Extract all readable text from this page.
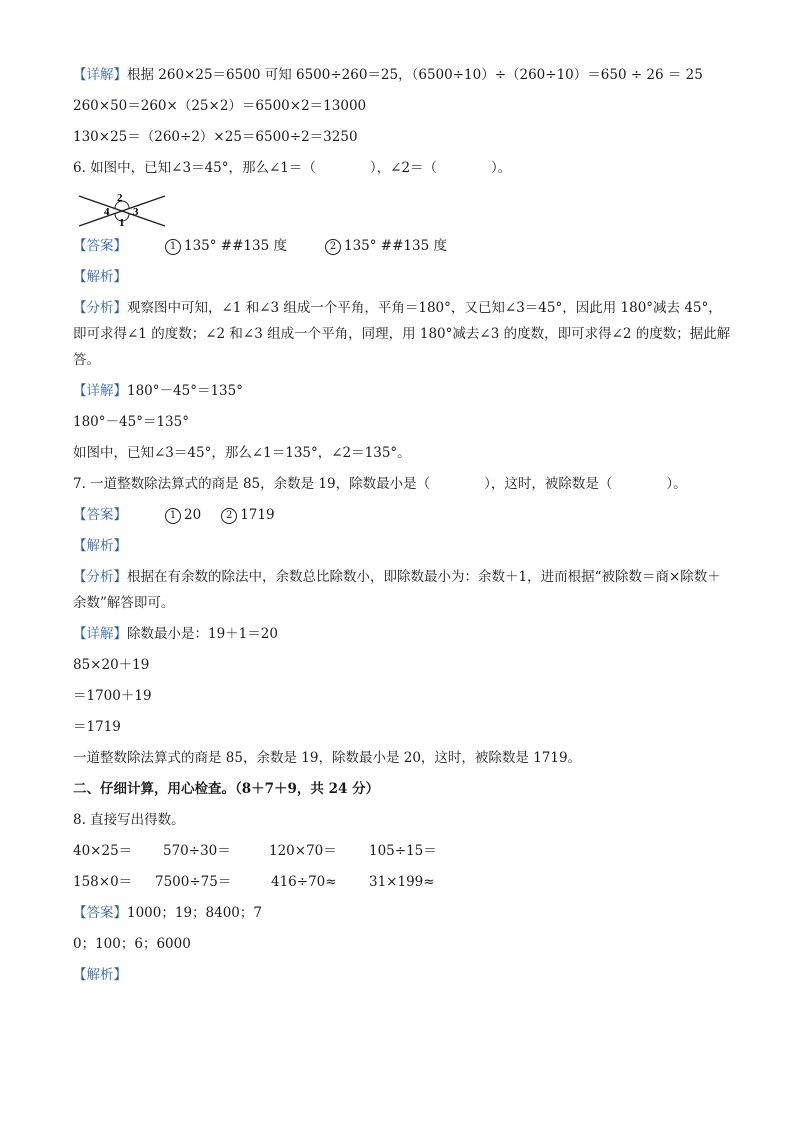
【详解】根据 260×25＝6500 可知 6500÷260＝25，（6500÷10）÷（260÷10）＝650 ÷ 26 ＝ 25
260×50＝260×（25×2）＝6500×2＝13000
130×25＝（260÷2）×25＝6500÷2＝3250
6. 如图中，已知∠3＝45°，那么∠1＝（　　　　），∠2＝（　　　　）。
2
4 3
1
【答案】	1 135° ##135 度	2 135° ##135 度
【解析】
【分析】观察图中可知，∠1 和∠3 组成一个平角，平角＝180°，又已知∠3＝45°，因此用 180°减去 45°，即可求得∠1 的度数；∠2 和∠3 组成一个平角，同理，用 180°减去∠3 的度数，即可求得∠2 的度数；据此解答。
【详解】180°－45°＝135°
180°－45°＝135°
如图中，已知∠3＝45°，那么∠1＝135°，∠2＝135°。
7. 一道整数除法算式的商是 85，余数是 19，除数最小是（　　　　），这时，被除数是（　　　　）。
【答案】	1 20 2 1719
【解析】
【分析】根据在有余数的除法中，余数总比除数小，即除数最小为：余数＋1，进而根据“被除数＝商×除数＋余数”解答即可。
【详解】除数最小是：19＋1＝20
85×20＋19
＝1700＋19
＝1719
一道整数除法算式的商是 85，余数是 19，除数最小是 20，这时，被除数是 1719。
二、仔细计算，用心检查。（8＋7＋9，共 24 分）
8. 直接写出得数。
40×25＝ 570÷30＝	120×70＝ 105÷15＝
158×0＝ 7500÷75＝	416÷70≈ 31×199≈
【答案】1000；19；8400；7
0；100；6；6000
【解析】
